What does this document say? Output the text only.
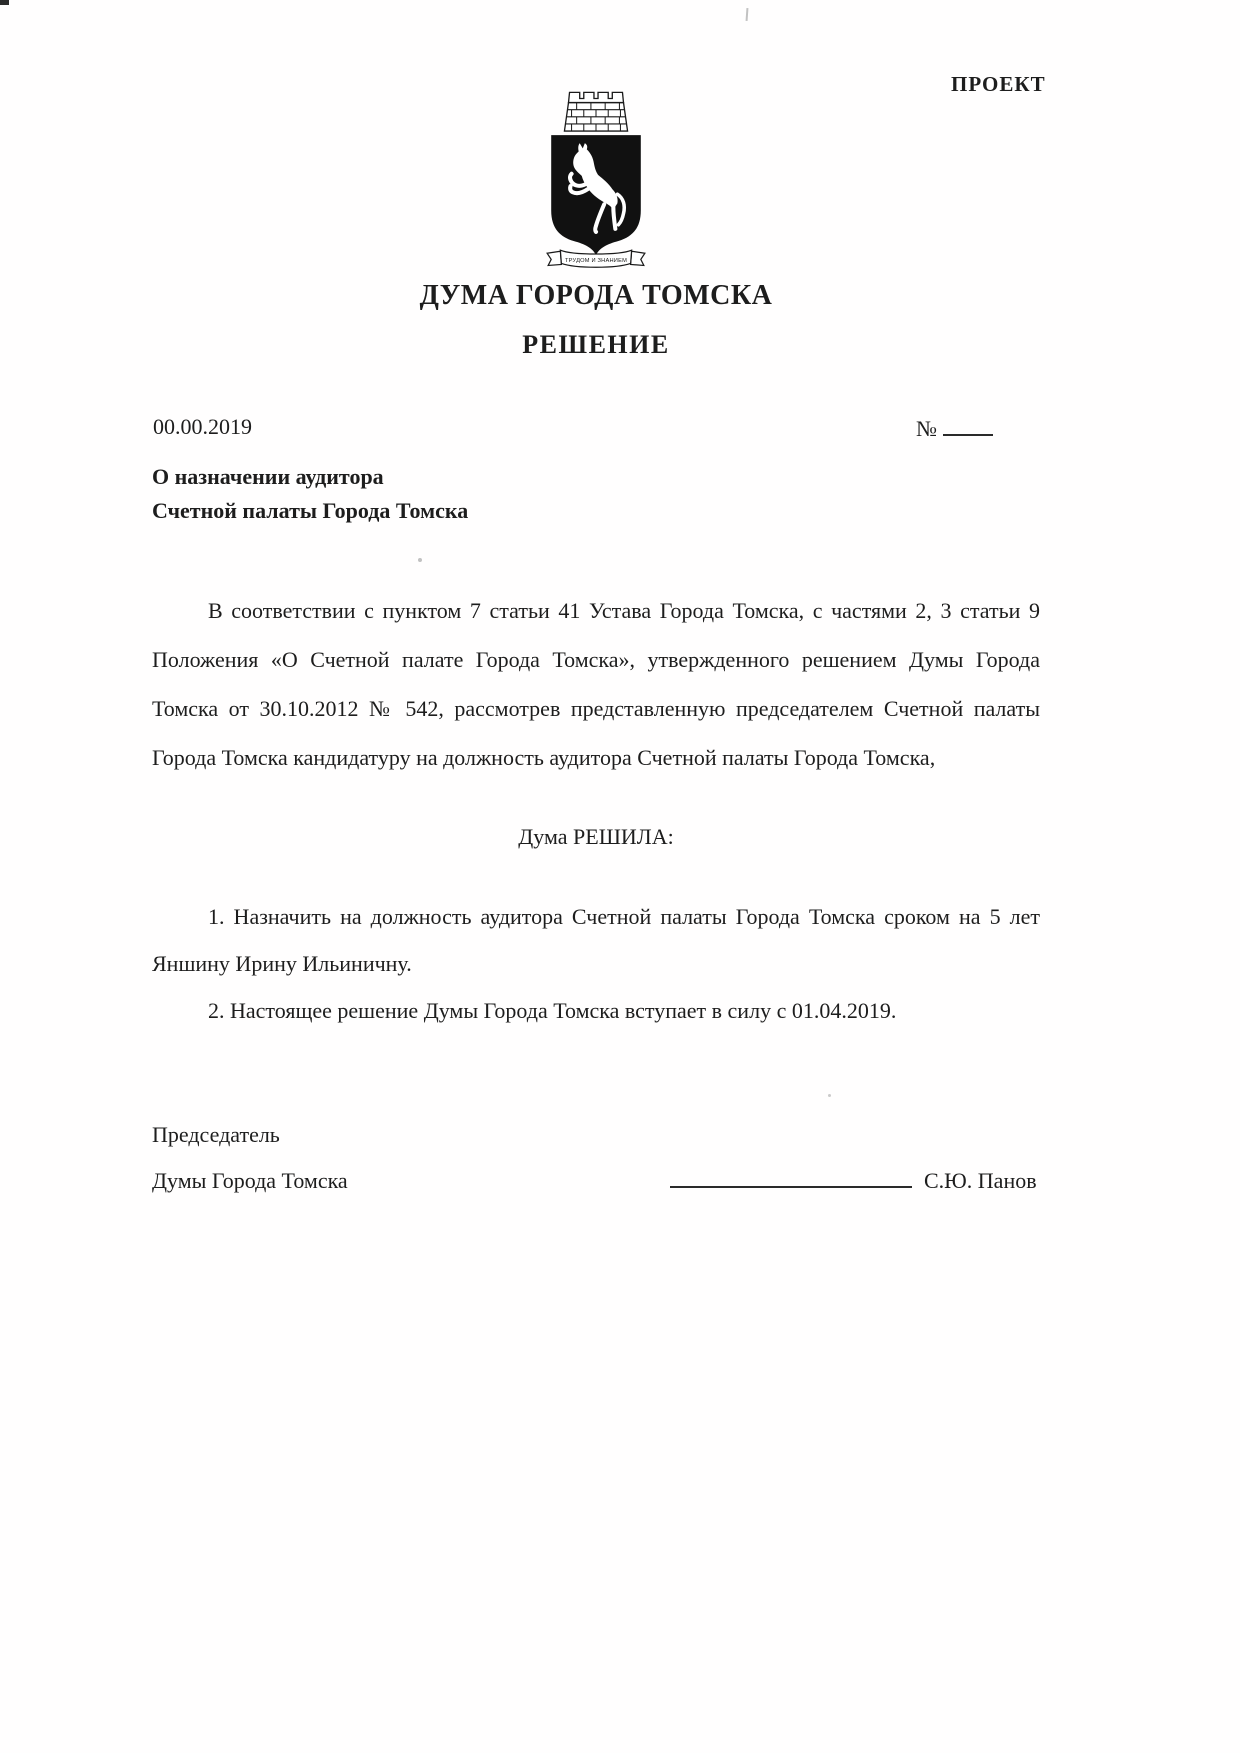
ПРОЕКТ
ТРУДОМ И ЗНАНИЕМ
ДУМА ГОРОДА ТОМСКА
РЕШЕНИЕ
00.00.2019	№
О назначении аудитора
Счетной палаты Города Томска

В соответствии с пунктом 7 статьи 41 Устава Города Томска, с частями 2, 3 статьи 9 Положения «О Счетной палате Города Томска», утвержденного решением Думы Города Томска от 30.10.2012 № 542, рассмотрев представленную председателем Счетной палаты Города Томска кандидатуру на должность аудитора Счетной палаты Города Томска,

Дума РЕШИЛА:

1. Назначить на должность аудитора Счетной палаты Города Томска сроком на 5 лет Яншину Ирину Ильиничну.

2. Настоящее решение Думы Города Томска вступает в силу с 01.04.2019.

Председатель
Думы Города Томска	С.Ю. Панов
